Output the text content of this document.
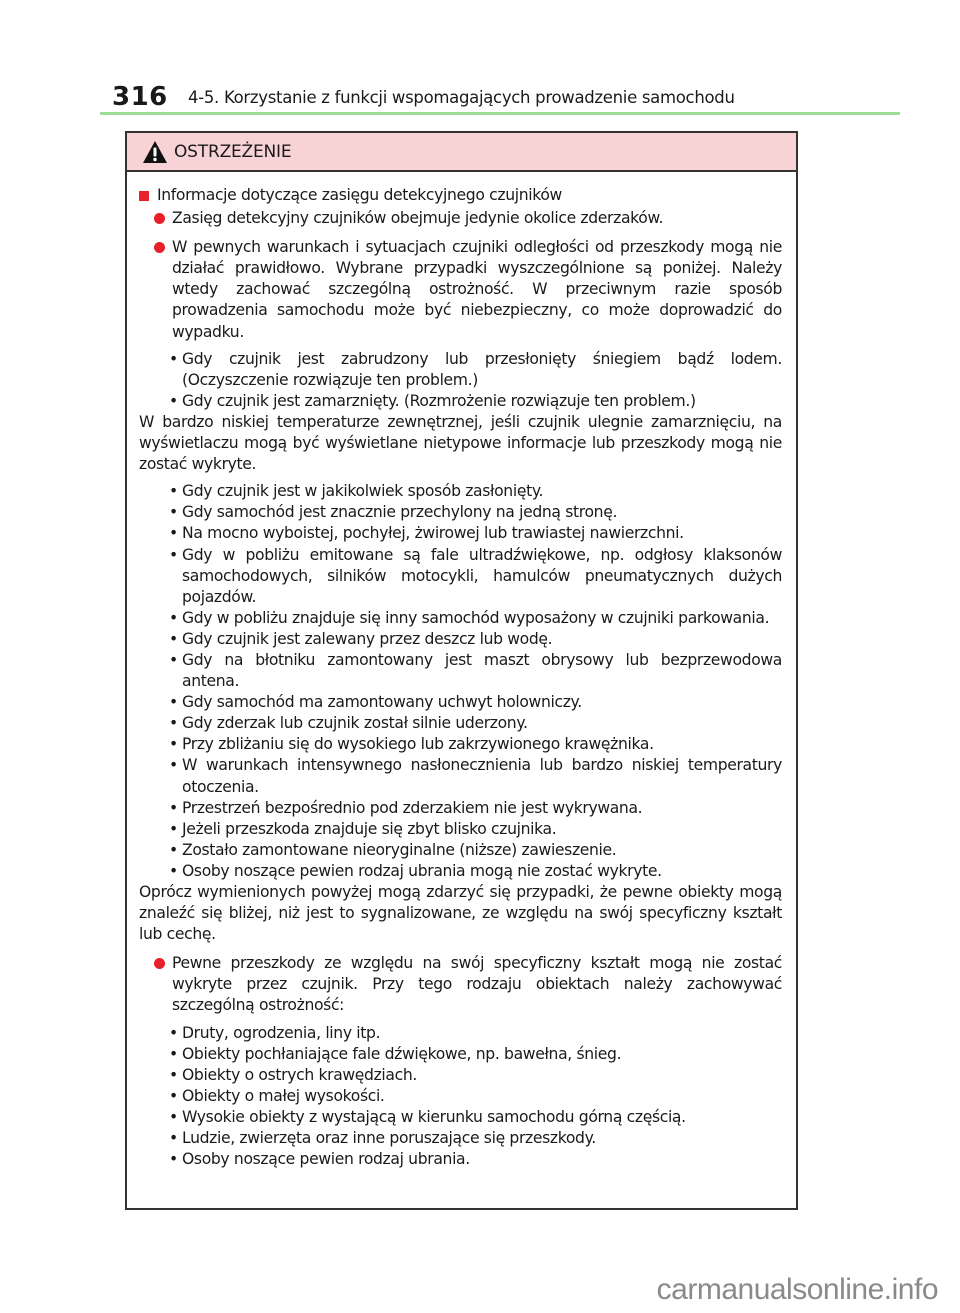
316 4-5. Korzystanie z funkcji wspomagających prowadzenie samochodu
OSTRZEŻENIE
Informacje dotyczące zasięgu detekcyjnego czujników
Zasięg detekcyjny czujników obejmuje jedynie okolice zderzaków.
W pewnych warunkach i sytuacjach czujniki odległości od przeszkody mogą nie działać prawidłowo. Wybrane przypadki wyszczególnione są poniżej. Należy wtedy zachować szczególną ostrożność. W przeciwnym razie sposób prowadzenia samochodu może być niebezpieczny, co może doprowadzić do wypadku.
• Gdy czujnik jest zabrudzony lub przesłonięty śniegiem bądź lodem. (Oczyszczenie rozwiązuje ten problem.)
• Gdy czujnik jest zamarznięty. (Rozmrożenie rozwiązuje ten problem.)
W bardzo niskiej temperaturze zewnętrznej, jeśli czujnik ulegnie zamarznięciu, na wyświetlaczu mogą być wyświetlane nietypowe informacje lub przeszkody mogą nie zostać wykryte.
• Gdy czujnik jest w jakikolwiek sposób zasłonięty.
• Gdy samochód jest znacznie przechylony na jedną stronę.
• Na mocno wyboistej, pochyłej, żwirowej lub trawiastej nawierzchni.
• Gdy w pobliżu emitowane są fale ultradźwiękowe, np. odgłosy klaksonów samochodowych, silników motocykli, hamulców pneumatycznych dużych pojazdów.
• Gdy w pobliżu znajduje się inny samochód wyposażony w czujniki parkowania.
• Gdy czujnik jest zalewany przez deszcz lub wodę.
• Gdy na błotniku zamontowany jest maszt obrysowy lub bezprzewodowa antena.
• Gdy samochód ma zamontowany uchwyt holowniczy.
• Gdy zderzak lub czujnik został silnie uderzony.
• Przy zbliżaniu się do wysokiego lub zakrzywionego krawężnika.
• W warunkach intensywnego nasłonecznienia lub bardzo niskiej temperatury otoczenia.
• Przestrzeń bezpośrednio pod zderzakiem nie jest wykrywana.
• Jeżeli przeszkoda znajduje się zbyt blisko czujnika.
• Zostało zamontowane nieoryginalne (niższe) zawieszenie.
• Osoby noszące pewien rodzaj ubrania mogą nie zostać wykryte.
Oprócz wymienionych powyżej mogą zdarzyć się przypadki, że pewne obiekty mogą znaleźć się bliżej, niż jest to sygnalizowane, ze względu na swój specyficzny kształt lub cechę.
Pewne przeszkody ze względu na swój specyficzny kształt mogą nie zostać wykryte przez czujnik. Przy tego rodzaju obiektach należy zachowywać szczególną ostrożność:
• Druty, ogrodzenia, liny itp.
• Obiekty pochłaniające fale dźwiękowe, np. bawełna, śnieg.
• Obiekty o ostrych krawędziach.
• Obiekty o małej wysokości.
• Wysokie obiekty z wystającą w kierunku samochodu górną częścią.
• Ludzie, zwierzęta oraz inne poruszające się przeszkody.
• Osoby noszące pewien rodzaj ubrania.
carmanualsonline.info
